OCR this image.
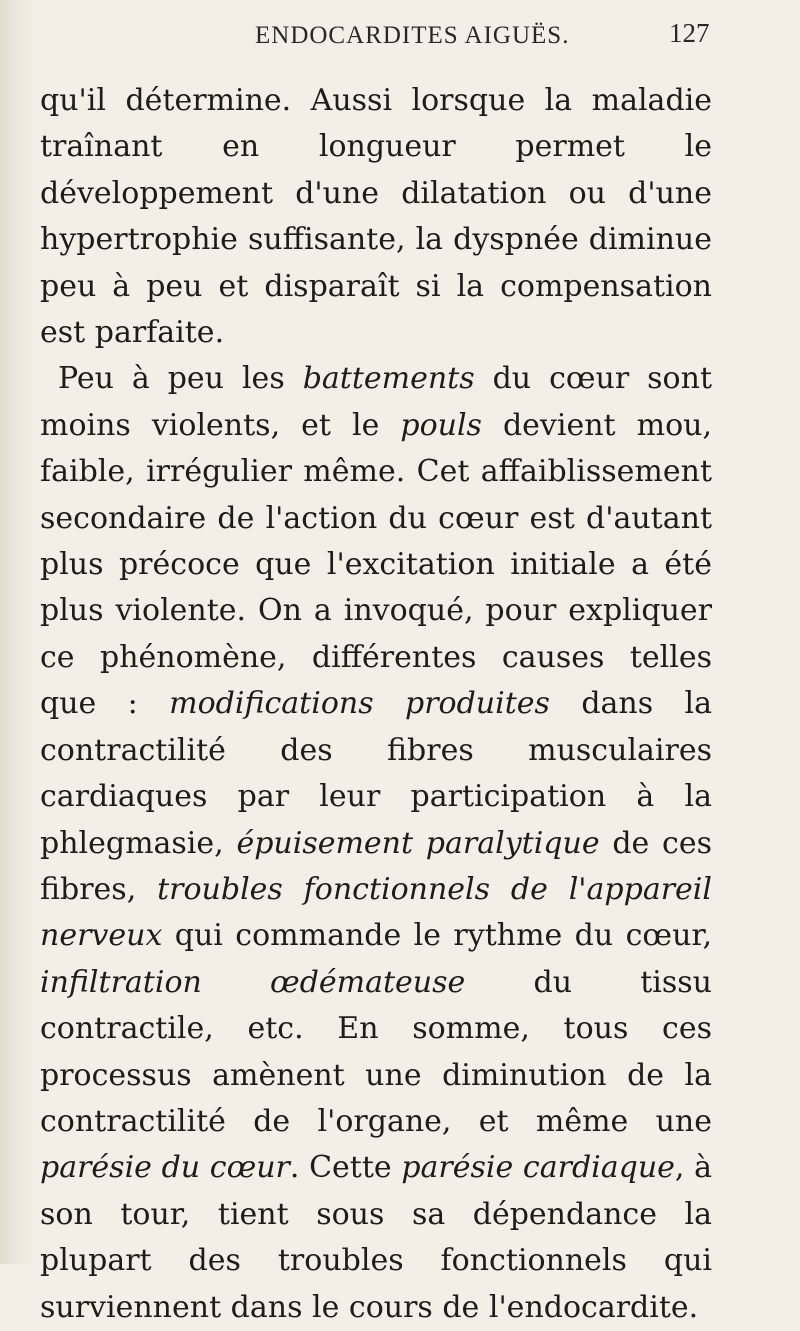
ENDOCARDITES AIGUËS.	127

qu'il détermine. Aussi lorsque la maladie traînant en longueur permet le développement d'une dilatation ou d'une hypertrophie suffisante, la dyspnée diminue peu à peu et disparaît si la compensation est parfaite.

Peu à peu les battements du cœur sont moins violents, et le pouls devient mou, faible, irrégulier même. Cet affaiblissement secondaire de l'action du cœur est d'autant plus précoce que l'excitation initiale a été plus violente. On a invoqué, pour expliquer ce phénomène, différentes causes telles que : modifications produites dans la contractilité des fibres musculaires cardiaques par leur participation à la phlegmasie, épuisement paralytique de ces fibres, troubles fonctionnels de l'appareil nerveux qui commande le rythme du cœur, infiltration œdémateuse du tissu contractile, etc. En somme, tous ces processus amènent une diminution de la contractilité de l'organe, et même une parésie du cœur. Cette parésie cardiaque, à son tour, tient sous sa dépendance la plupart des troubles fonctionnels qui surviennent dans le cours de l'endocardite.
